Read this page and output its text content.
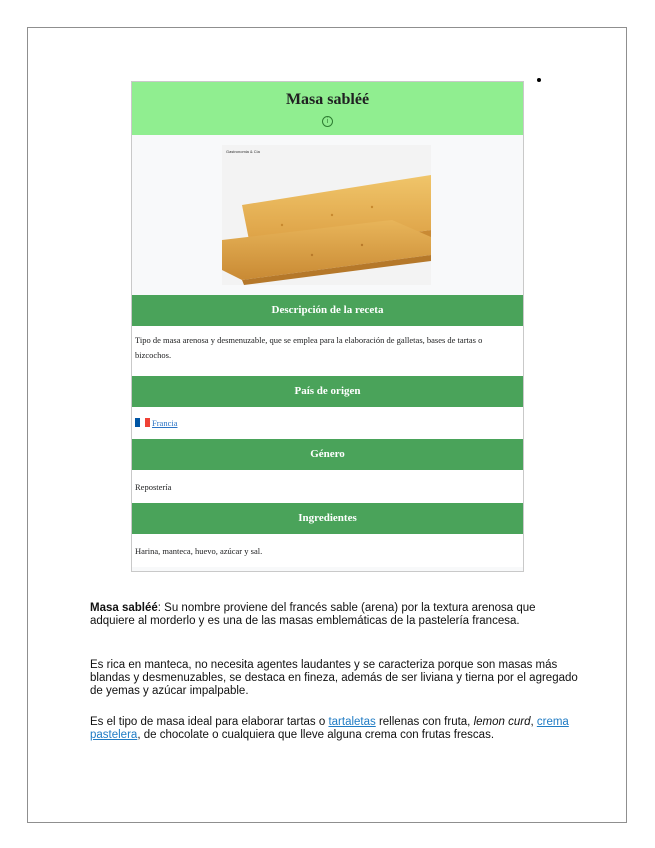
Masa sabléé
i
Gastronomia & Cia
Descripción de la receta
Tipo de masa arenosa y desmenuzable, que se emplea para la elaboración de galletas, bases de tartas o bizcochos.
País de origen
Francia
Género
Repostería
Ingredientes
Harina, manteca, huevo, azúcar y sal.
Masa sabléé: Su nombre proviene del francés sable (arena) por la textura arenosa que adquiere al morderlo y es una de las masas emblemáticas de la pastelería francesa.
Es rica en manteca, no necesita agentes laudantes y se caracteriza porque son masas más blandas y desmenuzables, se destaca en fineza, además de ser liviana y tierna por el agregado de yemas y azúcar impalpable.
Es el tipo de masa ideal para elaborar tartas o tartaletas rellenas con fruta, lemon curd, crema pastelera, de chocolate o cualquiera que lleve alguna crema con frutas frescas.
